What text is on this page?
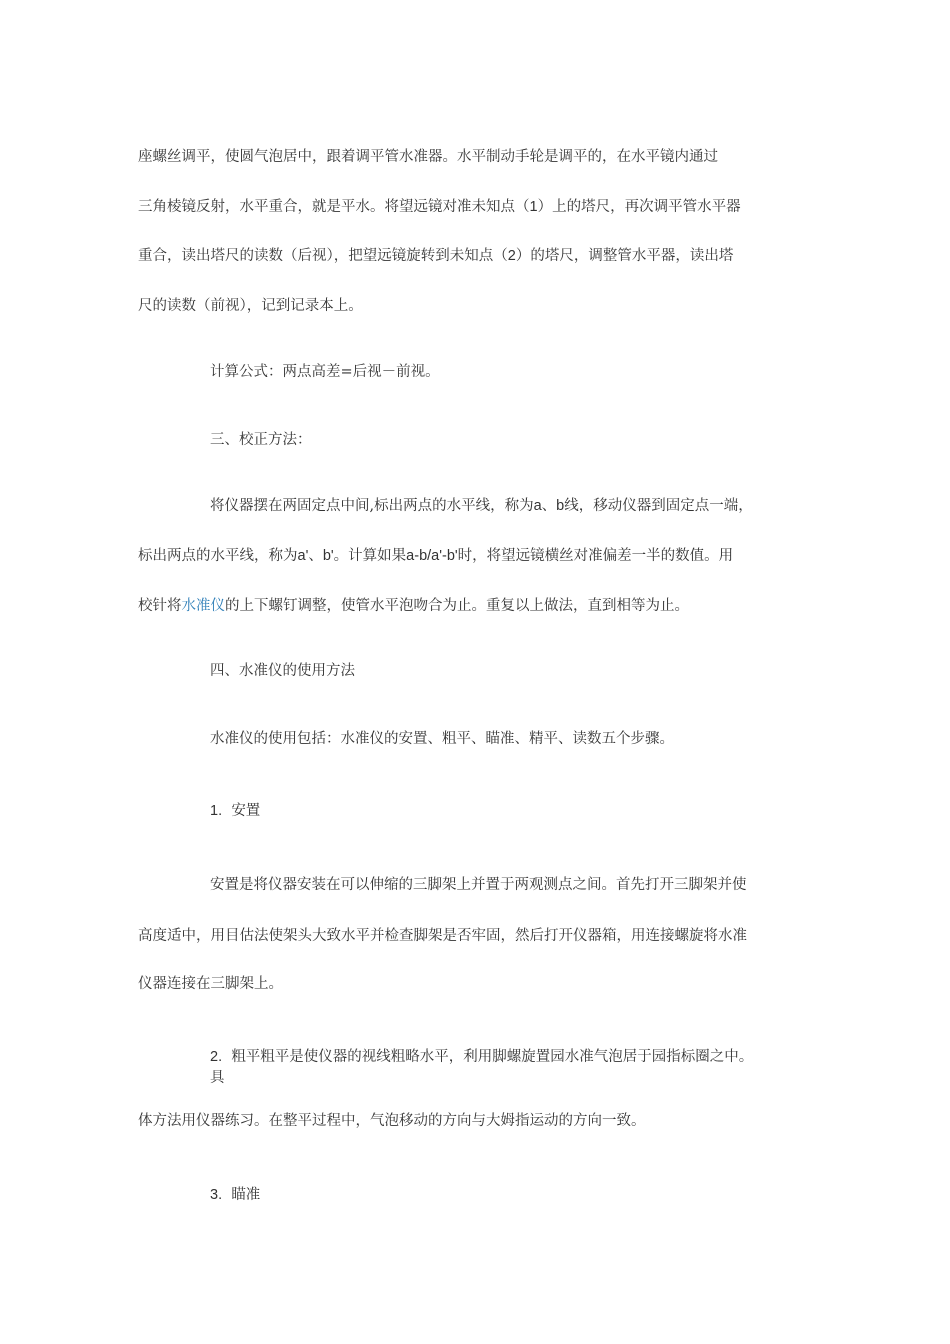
座螺丝调平，使圆气泡居中，跟着调平管水准器。水平制动手轮是调平的，在水平镜内通过
三角棱镜反射，水平重合，就是平水。将望远镜对准未知点（1）上的塔尺，再次调平管水平器
重合，读出塔尺的读数（后视），把望远镜旋转到未知点（2）的塔尺，调整管水平器，读出塔
尺的读数（前视），记到记录本上。
计算公式：两点高差=后视－前视。
三、校正方法：
将仪器摆在两固定点中间,标出两点的水平线，称为a、b线，移动仪器到固定点一端，
标出两点的水平线，称为a'、b'。计算如果a-b/a'-b'时，将望远镜横丝对准偏差一半的数值。用
校针将水准仪的上下螺钉调整，使管水平泡吻合为止。重复以上做法，直到相等为止。
四、水准仪的使用方法
水准仪的使用包括：水准仪的安置、粗平、瞄准、精平、读数五个步骤。
1. 安置
安置是将仪器安装在可以伸缩的三脚架上并置于两观测点之间。首先打开三脚架并使
高度适中，用目估法使架头大致水平并检查脚架是否牢固，然后打开仪器箱，用连接螺旋将水准
仪器连接在三脚架上。
2. 粗平粗平是使仪器的视线粗略水平，利用脚螺旋置园水准气泡居于园指标圈之中。
具
体方法用仪器练习。在整平过程中，气泡移动的方向与大姆指运动的方向一致。
3. 瞄准
